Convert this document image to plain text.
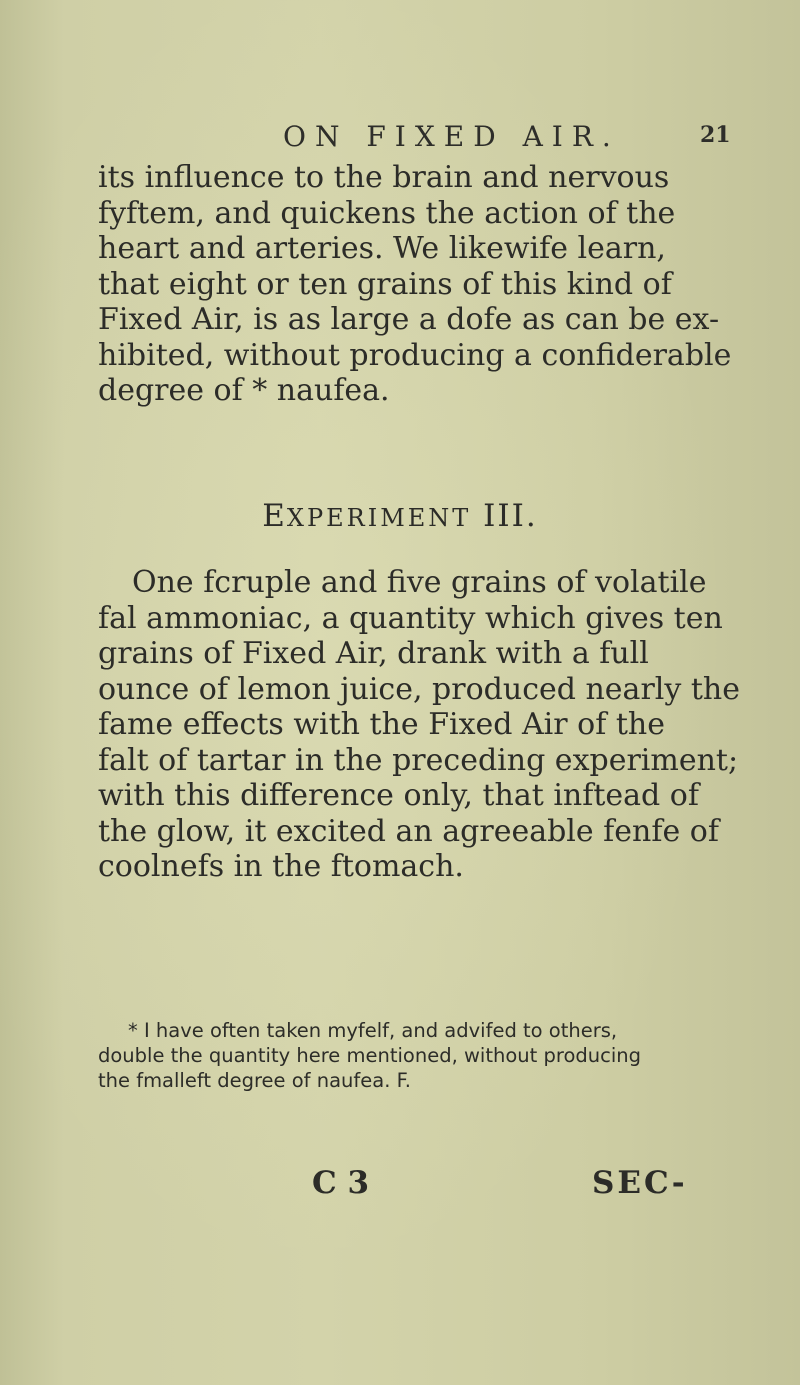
ON FIXED AIR.	21
its influence to the brain and nervous
fyftem, and quickens the action of the
heart and arteries. We likewife learn,
that eight or ten grains of this kind of
Fixed Air, is as large a dofe as can be ex-
hibited, without producing a confiderable
degree of * naufea.
EXPERIMENT III.
One fcruple and five grains of volatile
fal ammoniac, a quantity which gives ten
grains of Fixed Air, drank with a full
ounce of lemon juice, produced nearly the
fame effects with the Fixed Air of the
falt of tartar in the preceding experiment;
with this difference only, that inftead of
the glow, it excited an agreeable fenfe of
coolnefs in the ftomach.
* I have often taken myfelf, and advifed to others,
double the quantity here mentioned, without producing
the fmalleft degree of naufea. F.
C 3	SEC-
